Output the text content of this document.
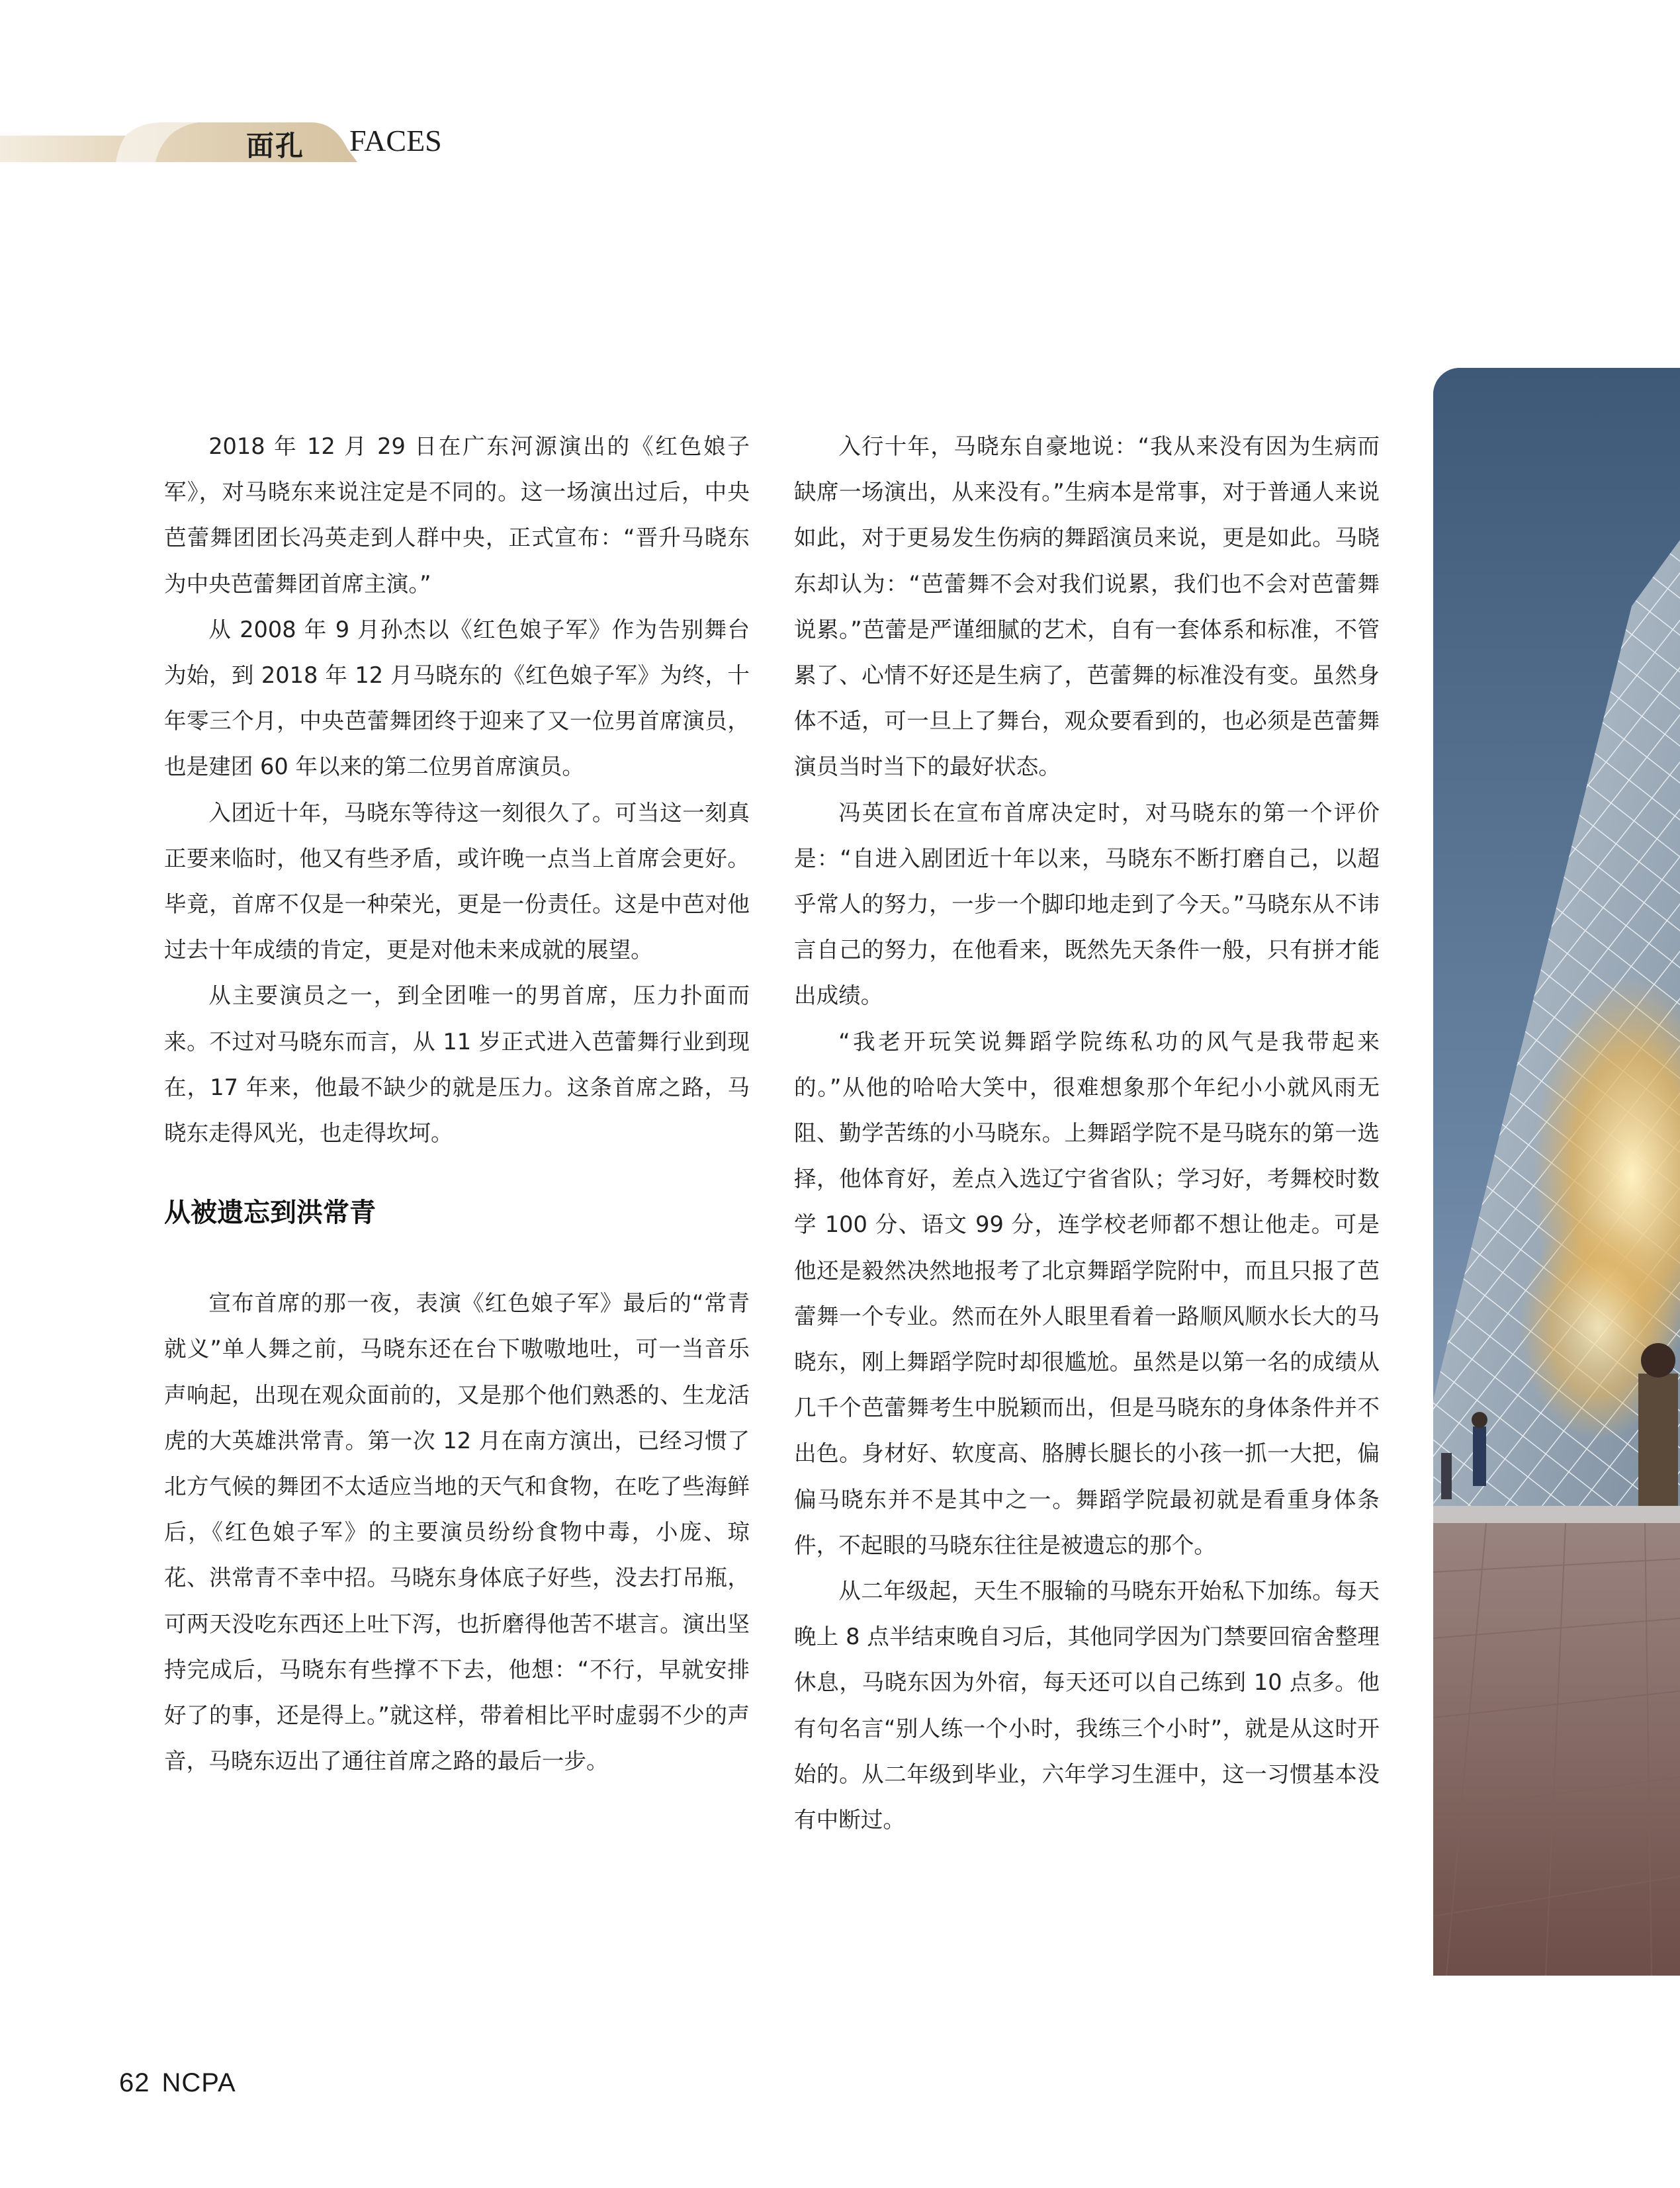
面孔 FACES

2018 年 12 月 29 日在广东河源演出的《红色娘子军》，对马晓东来说注定是不同的。这一场演出过后，中央芭蕾舞团团长冯英走到人群中央，正式宣布：“晋升马晓东为中央芭蕾舞团首席主演。”

从 2008 年 9 月孙杰以《红色娘子军》作为告别舞台为始，到 2018 年 12 月马晓东的《红色娘子军》为终，十年零三个月，中央芭蕾舞团终于迎来了又一位男首席演员，也是建团 60 年以来的第二位男首席演员。

入团近十年，马晓东等待这一刻很久了。可当这一刻真正要来临时，他又有些矛盾，或许晚一点当上首席会更好。毕竟，首席不仅是一种荣光，更是一份责任。这是中芭对他过去十年成绩的肯定，更是对他未来成就的展望。

从主要演员之一，到全团唯一的男首席，压力扑面而来。不过对马晓东而言，从 11 岁正式进入芭蕾舞行业到现在，17 年来，他最不缺少的就是压力。这条首席之路，马晓东走得风光，也走得坎坷。

从被遗忘到洪常青

宣布首席的那一夜，表演《红色娘子军》最后的“常青就义”单人舞之前，马晓东还在台下嗷嗷地吐，可一当音乐声响起，出现在观众面前的，又是那个他们熟悉的、生龙活虎的大英雄洪常青。第一次 12 月在南方演出，已经习惯了北方气候的舞团不太适应当地的天气和食物，在吃了些海鲜后，《红色娘子军》的主要演员纷纷食物中毒，小庞、琼花、洪常青不幸中招。马晓东身体底子好些，没去打吊瓶，可两天没吃东西还上吐下泻，也折磨得他苦不堪言。演出坚持完成后，马晓东有些撑不下去，他想：“不行，早就安排好了的事，还是得上。”就这样，带着相比平时虚弱不少的声音，马晓东迈出了通往首席之路的最后一步。

入行十年，马晓东自豪地说：“我从来没有因为生病而缺席一场演出，从来没有。”生病本是常事，对于普通人来说如此，对于更易发生伤病的舞蹈演员来说，更是如此。马晓东却认为：“芭蕾舞不会对我们说累，我们也不会对芭蕾舞说累。”芭蕾是严谨细腻的艺术，自有一套体系和标准，不管累了、心情不好还是生病了，芭蕾舞的标准没有变。虽然身体不适，可一旦上了舞台，观众要看到的，也必须是芭蕾舞演员当时当下的最好状态。

冯英团长在宣布首席决定时，对马晓东的第一个评价是：“自进入剧团近十年以来，马晓东不断打磨自己，以超乎常人的努力，一步一个脚印地走到了今天。”马晓东从不讳言自己的努力，在他看来，既然先天条件一般，只有拼才能出成绩。

“我老开玩笑说舞蹈学院练私功的风气是我带起来的。”从他的哈哈大笑中，很难想象那个年纪小小就风雨无阻、勤学苦练的小马晓东。上舞蹈学院不是马晓东的第一选择，他体育好，差点入选辽宁省省队；学习好，考舞校时数学 100 分、语文 99 分，连学校老师都不想让他走。可是他还是毅然决然地报考了北京舞蹈学院附中，而且只报了芭蕾舞一个专业。然而在外人眼里看着一路顺风顺水长大的马晓东，刚上舞蹈学院时却很尴尬。虽然是以第一名的成绩从几千个芭蕾舞考生中脱颖而出，但是马晓东的身体条件并不出色。身材好、软度高、胳膊长腿长的小孩一抓一大把，偏偏马晓东并不是其中之一。舞蹈学院最初就是看重身体条件，不起眼的马晓东往往是被遗忘的那个。

从二年级起，天生不服输的马晓东开始私下加练。每天晚上 8 点半结束晚自习后，其他同学因为门禁要回宿舍整理休息，马晓东因为外宿，每天还可以自己练到 10 点多。他有句名言“别人练一个小时，我练三个小时”，就是从这时开始的。从二年级到毕业，六年学习生涯中，这一习惯基本没有中断过。

62 NCPA
